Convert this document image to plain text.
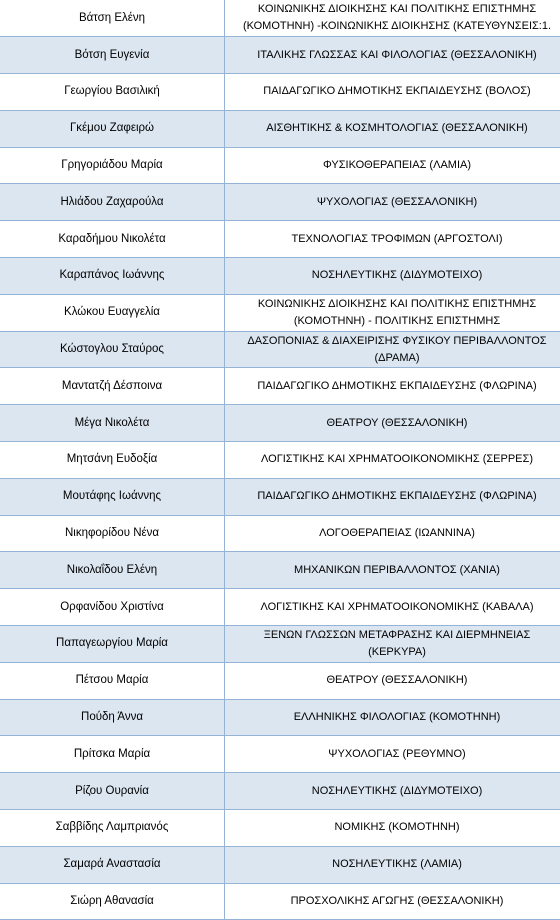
Βάτση Ελένη	ΚΟΙΝΩΝΙΚΗΣ ΔΙΟΙΚΗΣΗΣ ΚΑΙ ΠΟΛΙΤΙΚΗΣ ΕΠΙΣΤΗΜΗΣ
(ΚΟΜΟΤΗΝΗ) -ΚΟΙΝΩΝΙΚΗΣ ΔΙΟΙΚΗΣΗΣ (ΚΑΤΕΥΘΥΝΣΕΙΣ:1.

Βότση Ευγενία	ΙΤΑΛΙΚΗΣ ΓΛΩΣΣΑΣ ΚΑΙ ΦΙΛΟΛΟΓΙΑΣ (ΘΕΣΣΑΛΟΝΙΚΗ)

Γεωργίου Βασιλική	ΠΑΙΔΑΓΩΓΙΚΟ ΔΗΜΟΤΙΚΗΣ ΕΚΠΑΙΔΕΥΣΗΣ (ΒΟΛΟΣ)

Γκέμου Ζαφειρώ	ΑΙΣΘΗΤΙΚΗΣ & ΚΟΣΜΗΤΟΛΟΓΙΑΣ (ΘΕΣΣΑΛΟΝΙΚΗ)

Γρηγοριάδου Μαρία	ΦΥΣΙΚΟΘΕΡΑΠΕΙΑΣ (ΛΑΜΙΑ)

Ηλιάδου Ζαχαρούλα	ΨΥΧΟΛΟΓΙΑΣ (ΘΕΣΣΑΛΟΝΙΚΗ)

Καραδήμου Νικολέτα	ΤΕΧΝΟΛΟΓΙΑΣ ΤΡΟΦΙΜΩΝ (ΑΡΓΟΣΤΟΛΙ)

Καραπάνος Ιωάννης	ΝΟΣΗΛΕΥΤΙΚΗΣ (ΔΙΔΥΜΟΤΕΙΧΟ)

Κλώκου Ευαγγελία	ΚΟΙΝΩΝΙΚΗΣ ΔΙΟΙΚΗΣΗΣ ΚΑΙ ΠΟΛΙΤΙΚΗΣ ΕΠΙΣΤΗΜΗΣ
(ΚΟΜΟΤΗΝΗ) - ΠΟΛΙΤΙΚΗΣ ΕΠΙΣΤΗΜΗΣ

Κώστογλου Σταύρος	ΔΑΣΟΠΟΝΙΑΣ & ΔΙΑΧΕΙΡΙΣΗΣ ΦΥΣΙΚΟΥ ΠΕΡΙΒΑΛΛΟΝΤΟΣ
(ΔΡΑΜΑ)

Μαντατζή Δέσποινα	ΠΑΙΔΑΓΩΓΙΚΟ ΔΗΜΟΤΙΚΗΣ ΕΚΠΑΙΔΕΥΣΗΣ (ΦΛΩΡΙΝΑ)

Μέγα Νικολέτα	ΘΕΑΤΡΟΥ (ΘΕΣΣΑΛΟΝΙΚΗ)

Μητσάνη Ευδοξία	ΛΟΓΙΣΤΙΚΗΣ ΚΑΙ ΧΡΗΜΑΤΟΟΙΚΟΝΟΜΙΚΗΣ (ΣΕΡΡΕΣ)

Μουτάφης Ιωάννης	ΠΑΙΔΑΓΩΓΙΚΟ ΔΗΜΟΤΙΚΗΣ ΕΚΠΑΙΔΕΥΣΗΣ (ΦΛΩΡΙΝΑ)

Νικηφορίδου Νένα	ΛΟΓΟΘΕΡΑΠΕΙΑΣ (ΙΩΑΝΝΙΝΑ)

Νικολαΐδου Ελένη	ΜΗΧΑΝΙΚΩΝ ΠΕΡΙΒΑΛΛΟΝΤΟΣ (ΧΑΝΙΑ)

Ορφανίδου Χριστίνα	ΛΟΓΙΣΤΙΚΗΣ ΚΑΙ ΧΡΗΜΑΤΟΟΙΚΟΝΟΜΙΚΗΣ (ΚΑΒΑΛΑ)

Παπαγεωργίου Μαρία	ΞΕΝΩΝ ΓΛΩΣΣΩΝ ΜΕΤΑΦΡΑΣΗΣ ΚΑΙ ΔΙΕΡΜΗΝΕΙΑΣ
(ΚΕΡΚΥΡΑ)

Πέτσου Μαρία	ΘΕΑΤΡΟΥ (ΘΕΣΣΑΛΟΝΙΚΗ)

Πούδη Άννα	ΕΛΛΗΝΙΚΗΣ ΦΙΛΟΛΟΓΙΑΣ (ΚΟΜΟΤΗΝΗ)

Πρίτσκα Μαρία	ΨΥΧΟΛΟΓΙΑΣ (ΡΕΘΥΜΝΟ)

Ρίζου Ουρανία	ΝΟΣΗΛΕΥΤΙΚΗΣ (ΔΙΔΥΜΟΤΕΙΧΟ)

Σαββίδης Λαμπριανός	ΝΟΜΙΚΗΣ (ΚΟΜΟΤΗΝΗ)

Σαμαρά Αναστασία	ΝΟΣΗΛΕΥΤΙΚΗΣ (ΛΑΜΙΑ)

Σιώρη Αθανασία	ΠΡΟΣΧΟΛΙΚΗΣ ΑΓΩΓΗΣ (ΘΕΣΣΑΛΟΝΙΚΗ)
